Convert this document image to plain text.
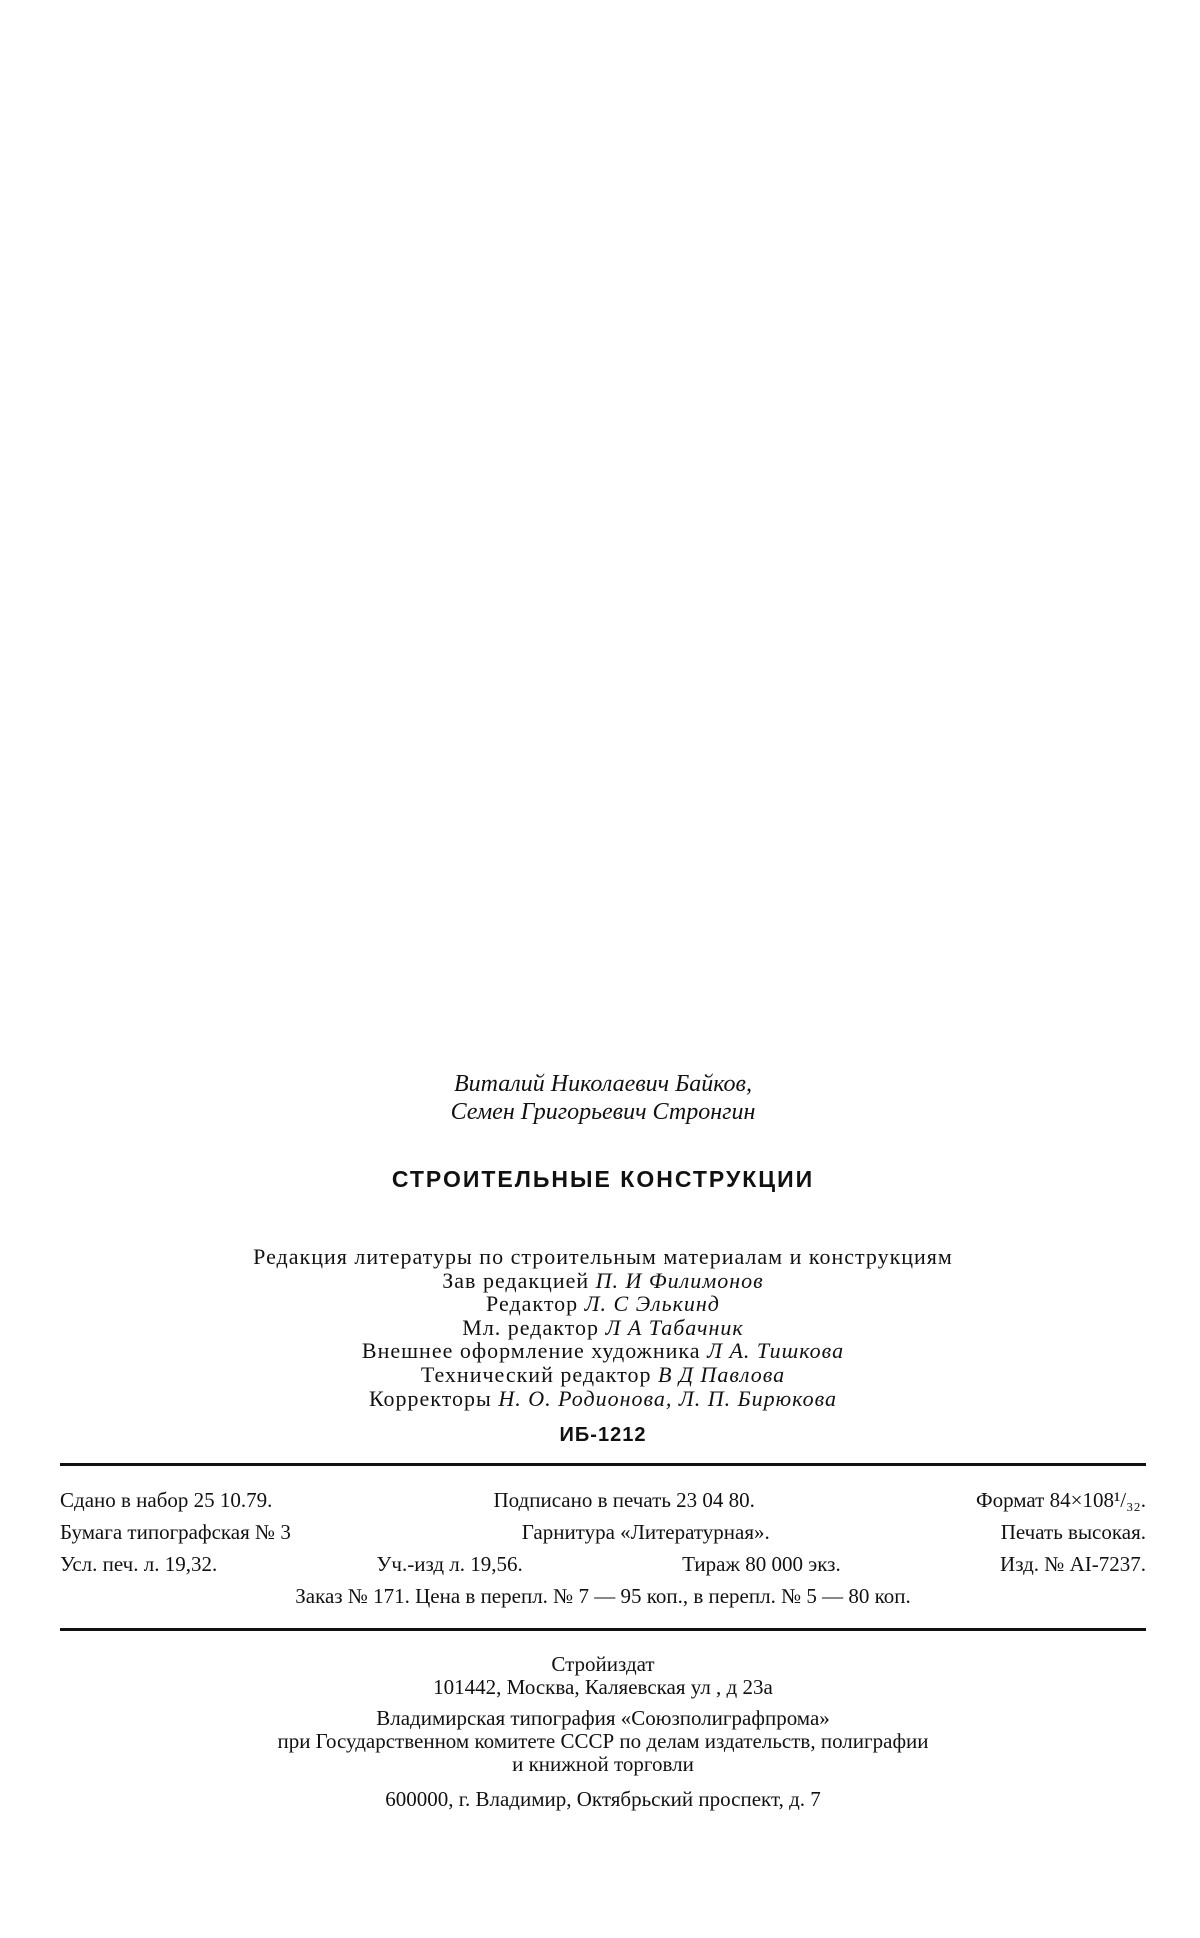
Виталий Николаевич Байков,
Семен Григорьевич Стронгин
СТРОИТЕЛЬНЫЕ КОНСТРУКЦИИ
Редакция литературы по строительным материалам и конструкциям
Зав редакцией П. И Филимонов
Редактор Л. С Элькинд
Мл. редактор Л А Табачник
Внешнее оформление художника Л А. Тишкова
Технический редактор В Д Павлова
Корректоры Н. О. Родионова, Л. П. Бирюкова
ИБ-1212
Сдано в набор 25 10.79.	Подписано в печать 23 04 80.	Формат 84×108¹/₃₂.
Бумага типографская № 3	Гарнитура «Литературная».	Печать высокая.
Усл. печ. л. 19,32.	Уч.-изд л. 19,56.	Тираж 80 000 экз.	Изд. № AI-7237.
Заказ № 171. Цена в перепл. № 7 — 95 коп., в перепл. № 5 — 80 коп.
Стройиздат
101442, Москва, Каляевская ул , д 23а
Владимирская типография «Союзполиграфпрома»
при Государственном комитете СССР по делам издательств, полиграфии
и книжной торговли
600000, г. Владимир, Октябрьский проспект, д. 7
